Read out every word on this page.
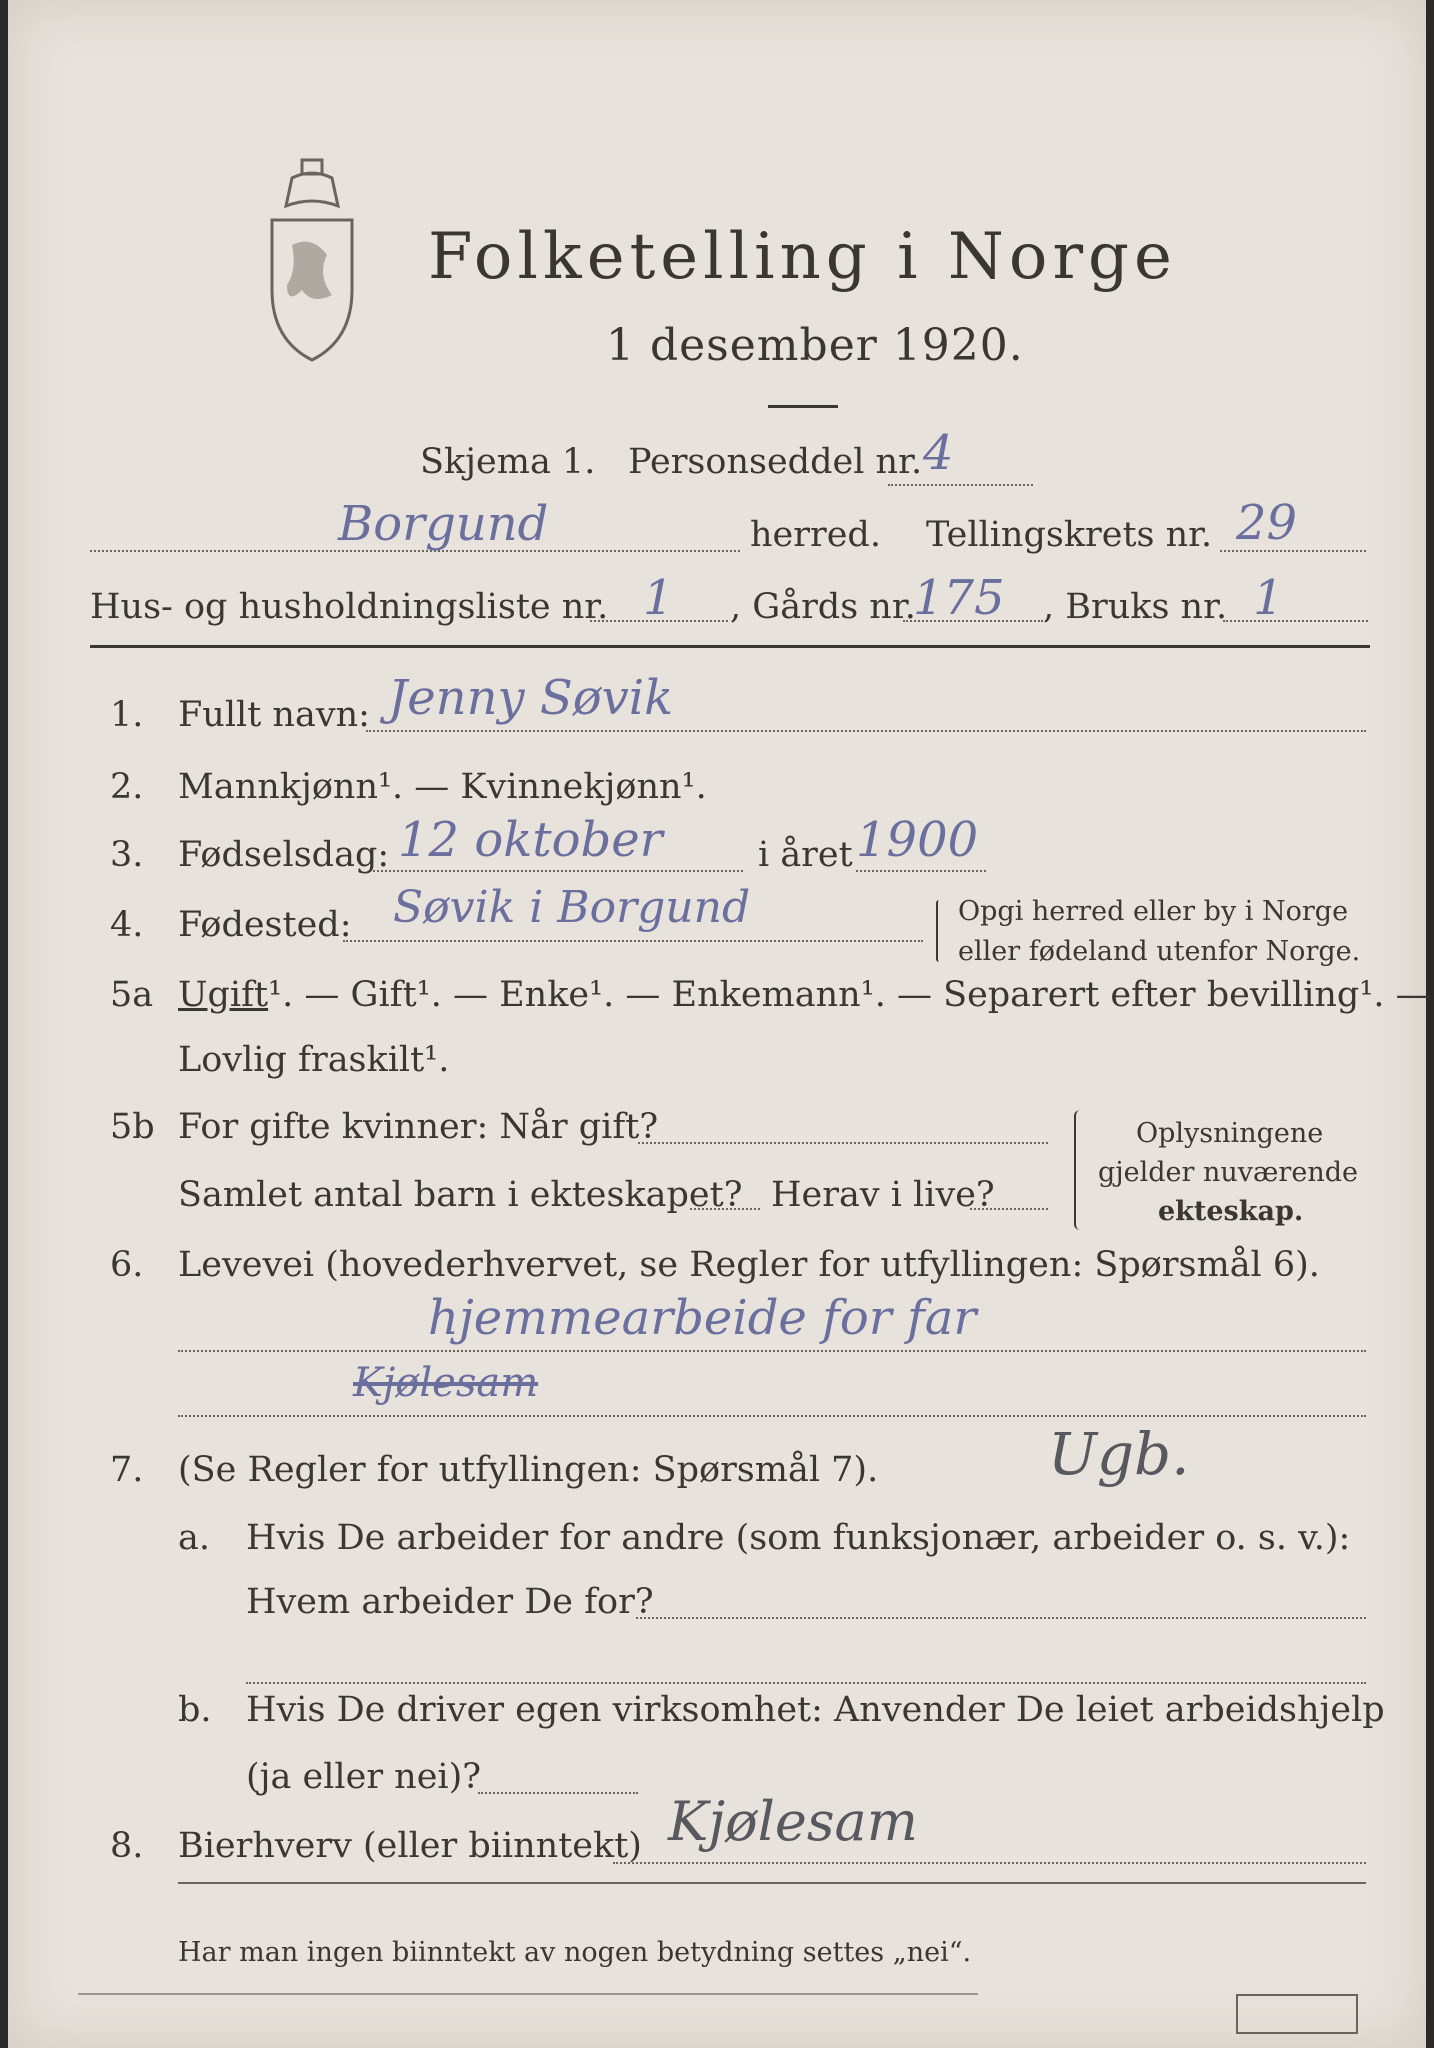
Folketelling i Norge
1 desember 1920.
Skjema 1. Personseddel nr. 4
Borgund	herred. Tellingskrets nr. 29
Hus- og husholdningsliste nr. 1 , Gårds nr.
175 , Bruks nr. 1
1. Fullt navn: Jenny Søvik
2. Mannkjønn¹. — Kvinnekjønn¹.
3. Fødselsdag: 12 oktober	i året 1900
4. Fødested: Søvik i Borgund	Opgi herred eller by i Norge
eller fødeland utenfor Norge.
5a Ugift¹. — Gift¹. — Enke¹. — Enkemann¹. — Separert efter bevilling¹. —
Lovlig fraskilt¹.
5b For gifte kvinner: Når gift?
Samlet antal barn i ekteskapet? Herav i live?
Oplysningene
gjelder nuværende
ekteskap.
6. Levevei (hovederhvervet, se Regler for utfyllingen: Spørsmål 6).
hjemmearbeide for far
Kjølesam
7. (Se Regler for utfyllingen: Spørsmål 7).	Ugb.
a. Hvis De arbeider for andre (som funksjonær, arbeider o. s. v.):
Hvem arbeider De for?
b. Hvis De driver egen virksomhet: Anvender De leiet arbeidshjelp
(ja eller nei)?
8. Bierhverv (eller biinntekt) Kjølesam
Har man ingen biinntekt av nogen betydning settes „nei“.
